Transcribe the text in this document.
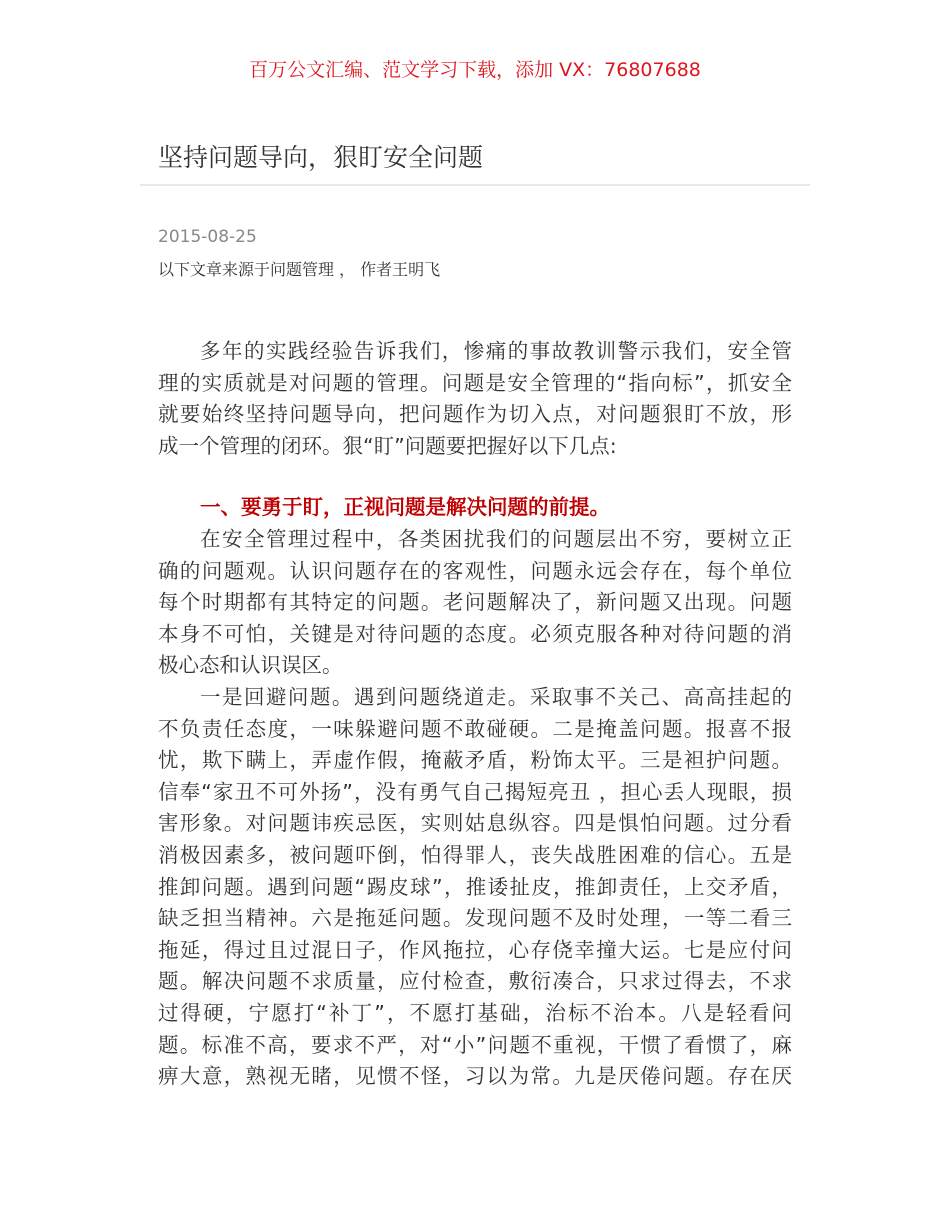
百万公文汇编、范文学习下载，添加 VX：76807688
坚持问题导向，狠盯安全问题
2015-08-25
以下文章来源于问题管理 ， 作者王明飞
多年的实践经验告诉我们，惨痛的事故教训警示我们，安全管
理的实质就是对问题的管理。问题是安全管理的“指向标”，抓安全
就要始终坚持问题导向，把问题作为切入点，对问题狠盯不放，形
成一个管理的闭环。狠“盯”问题要把握好以下几点:
一、要勇于盯，正视问题是解决问题的前提。
在安全管理过程中，各类困扰我们的问题层出不穷，要树立正
确的问题观。认识问题存在的客观性，问题永远会存在，每个单位
每个时期都有其特定的问题。老问题解决了，新问题又出现。问题
本身不可怕，关键是对待问题的态度。必须克服各种对待问题的消
极心态和认识误区。
一是回避问题。遇到问题绕道走。采取事不关己、高高挂起的
不负责任态度，一味躲避问题不敢碰硬。二是掩盖问题。报喜不报
忧，欺下瞒上，弄虚作假，掩蔽矛盾，粉饰太平。三是袒护问题。
信奉“家丑不可外扬”，没有勇气自己揭短亮丑 ，担心丢人现眼，损
害形象。对问题讳疾忌医，实则姑息纵容。四是惧怕问题。过分看
消极因素多，被问题吓倒，怕得罪人，丧失战胜困难的信心。五是
推卸问题。遇到问题“踢皮球”，推诿扯皮，推卸责任，上交矛盾，
缺乏担当精神。六是拖延问题。发现问题不及时处理，一等二看三
拖延，得过且过混日子，作风拖拉，心存侥幸撞大运。七是应付问
题。解决问题不求质量，应付检查，敷衍凑合，只求过得去，不求
过得硬，宁愿打“补丁”，不愿打基础，治标不治本。八是轻看问
题。标准不高，要求不严，对“小”问题不重视，干惯了看惯了，麻
痹大意，熟视无睹，见惯不怪，习以为常。九是厌倦问题。存在厌
